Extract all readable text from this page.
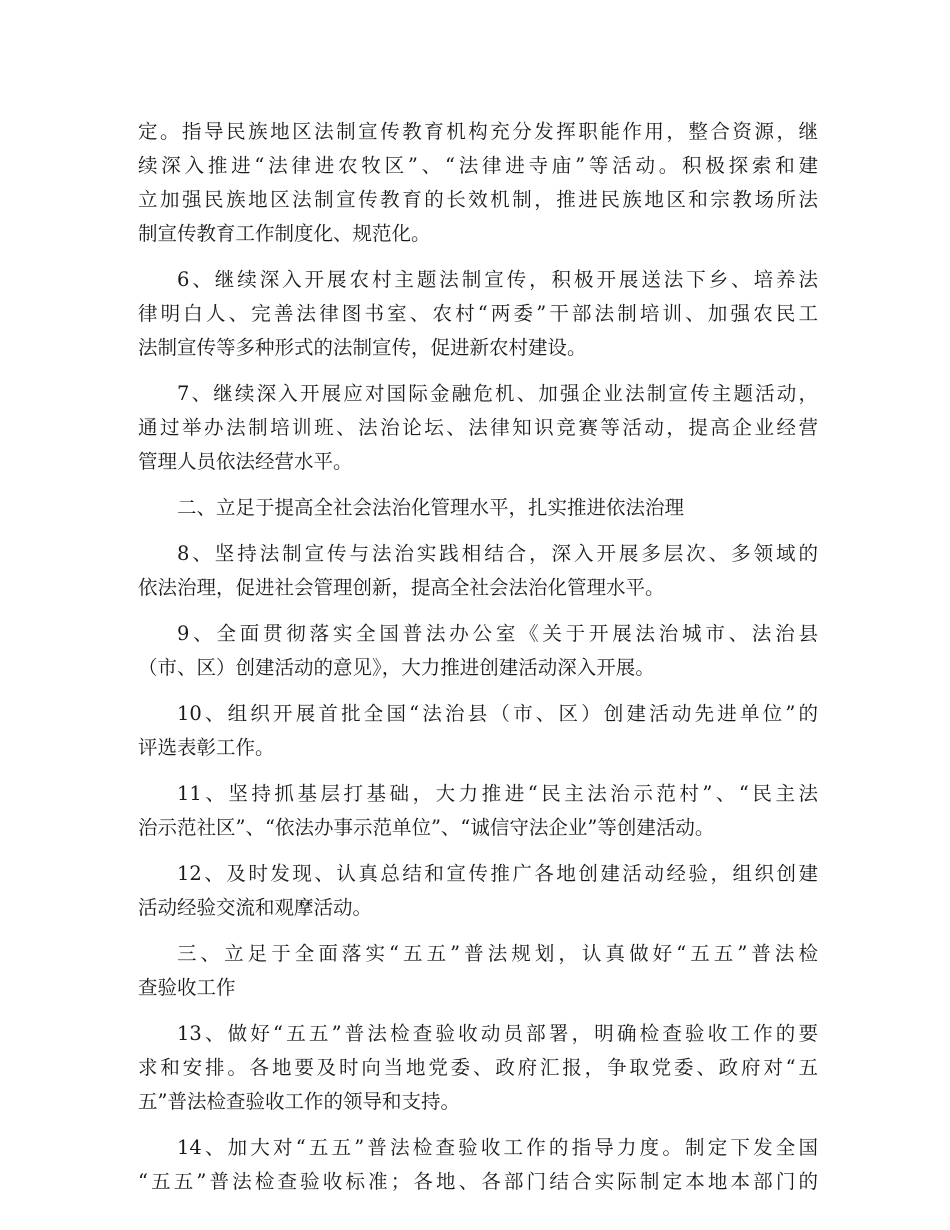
定。指导民族地区法制宣传教育机构充分发挥职能作用，整合资源，继
续深入推进“法律进农牧区”、“法律进寺庙”等活动。积极探索和建
立加强民族地区法制宣传教育的长效机制，推进民族地区和宗教场所法
制宣传教育工作制度化、规范化。
6、继续深入开展农村主题法制宣传，积极开展送法下乡、培养法
律明白人、完善法律图书室、农村“两委”干部法制培训、加强农民工
法制宣传等多种形式的法制宣传，促进新农村建设。
7、继续深入开展应对国际金融危机、加强企业法制宣传主题活动，
通过举办法制培训班、法治论坛、法律知识竞赛等活动，提高企业经营
管理人员依法经营水平。
二、立足于提高全社会法治化管理水平，扎实推进依法治理
8、坚持法制宣传与法治实践相结合，深入开展多层次、多领域的
依法治理，促进社会管理创新，提高全社会法治化管理水平。
9、全面贯彻落实全国普法办公室《关于开展法治城市、法治县
（市、区）创建活动的意见》，大力推进创建活动深入开展。
10、组织开展首批全国“法治县（市、区）创建活动先进单位”的
评选表彰工作。
11、坚持抓基层打基础，大力推进“民主法治示范村”、“民主法
治示范社区”、“依法办事示范单位”、“诚信守法企业”等创建活动。
12、及时发现、认真总结和宣传推广各地创建活动经验，组织创建
活动经验交流和观摩活动。
三、立足于全面落实“五五”普法规划，认真做好“五五”普法检
查验收工作
13、做好“五五”普法检查验收动员部署，明确检查验收工作的要
求和安排。各地要及时向当地党委、政府汇报，争取党委、政府对“五
五”普法检查验收工作的领导和支持。
14、加大对“五五”普法检查验收工作的指导力度。制定下发全国
“五五”普法检查验收标准；各地、各部门结合实际制定本地本部门的
